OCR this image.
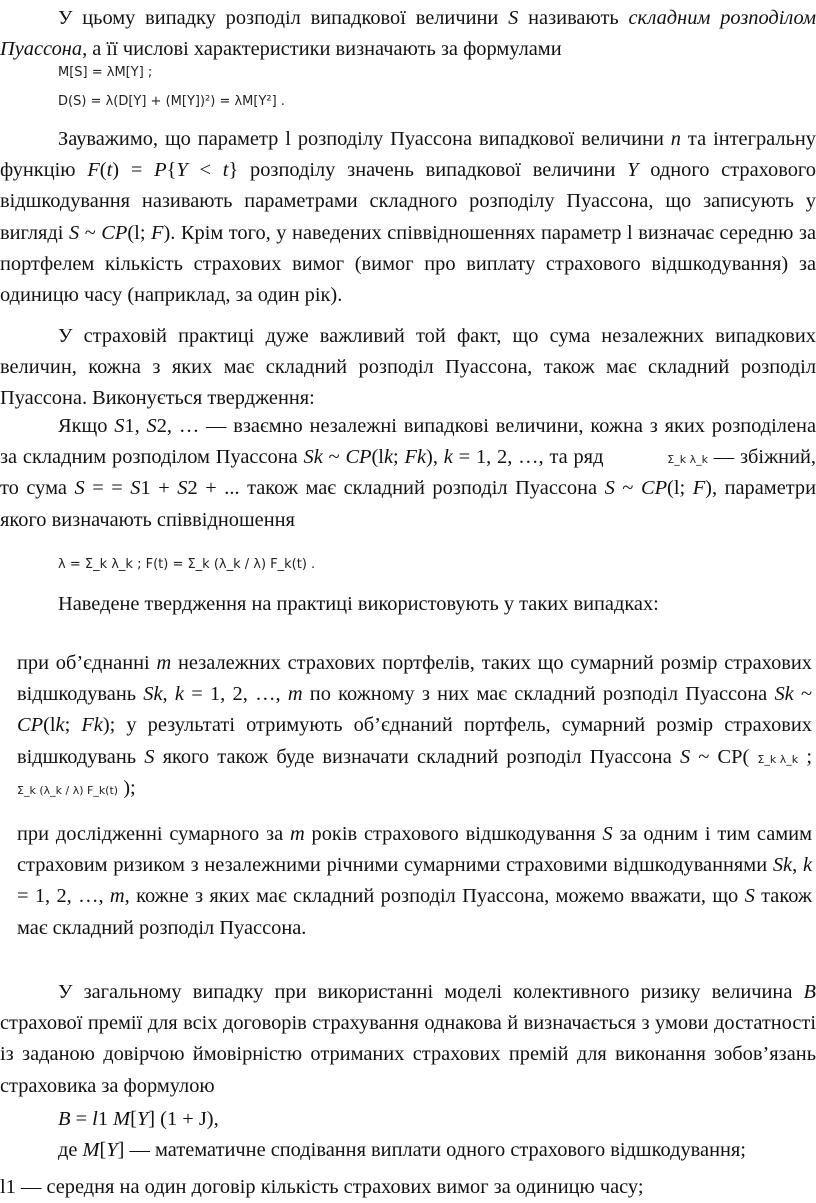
У цьому випадку розподіл випадкової величини S називають складним розподілом Пуассона, а її числові характеристики визначають за формулами

M[S] = λM[Y] ;
D(S) = λ(D[Y] + (M[Y])²) = λM[Y²] .

Зауважимо, що параметр l розподілу Пуассона випадкової величини n та інтегральну функцію F(t) = P{Y < t} розподілу значень випадкової величини Y одного страхового відшкодування називають параметрами складного розподілу Пуассона, що записують у вигляді S ~ CP(l; F). Крім того, у наведених співвідношеннях параметр l визначає середню за портфелем кількість страхових вимог (вимог про виплату страхового відшкодування) за одиницю часу (наприклад, за один рік).

У страховій практиці дуже важливий той факт, що сума незалежних випадкових величин, кожна з яких має складний розподіл Пуассона, також має складний розподіл Пуассона. Виконується твердження:

Якщо S1, S2, … — взаємно незалежні випадкові величини, кожна з яких розподілена за складним розподілом Пуассона Sk ~ CP(lk; Fk), k = 1, 2, …, та ряд	Σ_k λ_k — збіжний, то сума S = = S1 + S2 + ... також має складний розподіл Пуассона S ~ CP(l; F), параметри якого визначають співвідношення

λ = Σ_k λ_k ; F(t) = Σ_k (λ_k / λ) F_k(t) .

Наведене твердження на практиці використовують у таких випадках:

при об’єднанні m незалежних страхових портфелів, таких що сумарний розмір страхових відшкодувань Sk, k = 1, 2, …, m по кожному з них має складний розподіл Пуассона Sk ~ CP(lk; Fk); у результаті отримують об’єднаний портфель, сумарний розмір страхових відшкодувань S якого також буде визначати складний розподіл Пуассона S ~ CP( Σ_k λ_k ; Σ_k (λ_k / λ) F_k(t) );

при дослідженні сумарного за m років страхового відшкодування S за одним і тим самим страховим ризиком з незалежними річними сумарними страховими відшкодуваннями Sk, k = 1, 2, …, m, кожне з яких має складний розподіл Пуассона, можемо вважати, що S також має складний розподіл Пуассона.

У загальному випадку при використанні моделі колективного ризику величина B страхової премії для всіх договорів страхування однакова й визначається з умови достатності із заданою довірчою ймовірністю отриманих страхових премій для виконання зобов’язань страховика за формулою

B = l1 M[Y] (1 + J),

де M[Y] — математичне сподівання виплати одного страхового відшкодування;

l1 — середня на один договір кількість страхових вимог за одиницю часу;
